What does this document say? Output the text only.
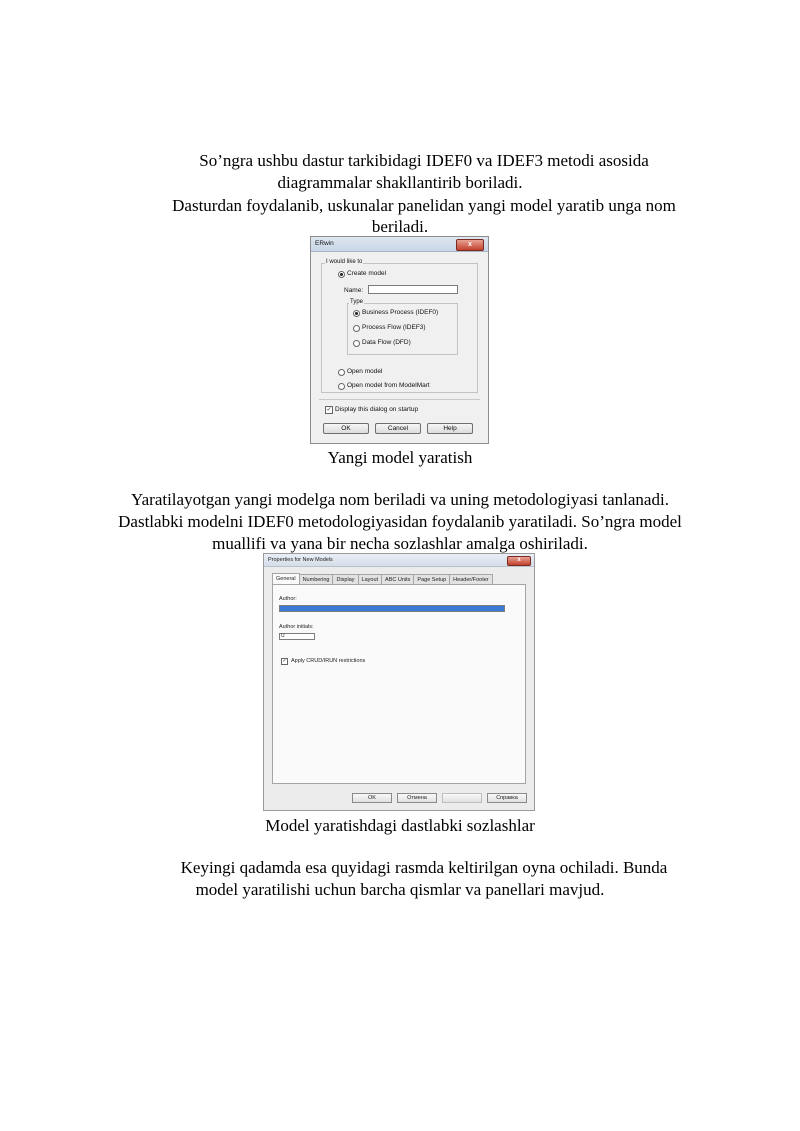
So’ngra ushbu dastur tarkibidagi IDEF0 va IDEF3 metodi asosida

diagrammalar shakllantirib boriladi.

Dasturdan foydalanib, uskunalar panelidan yangi model yaratib unga nom

beriladi.

ERwin	x
I would like to
Create model
Name:
Type
Business Process (IDEF0)
Process Flow (IDEF3)
Data Flow (DFD)
Open model
Open model from ModelMart
✓ Display this dialog on startup
OK	Cancel	Help

Yangi model yaratish

Yaratilayotgan yangi modelga nom beriladi va uning metodologiyasi tanlanadi.

Dastlabki modelni IDEF0 metodologiyasidan foydalanib yaratiladi. So’ngra model

muallifi va yana bir necha sozlashlar amalga oshiriladi.

Properties for New Models	x
General	Numbering	Display	Layout	ABC Units	Page Setup	Header/Footer
Author:
Author initials:
U
✓ Apply CRUD/IRUN restrictions
OK	Отмена	Справка

Model yaratishdagi dastlabki sozlashlar

Keyingi qadamda esa quyidagi rasmda keltirilgan oyna ochiladi. Bunda

model yaratilishi uchun barcha qismlar va panellari mavjud.
